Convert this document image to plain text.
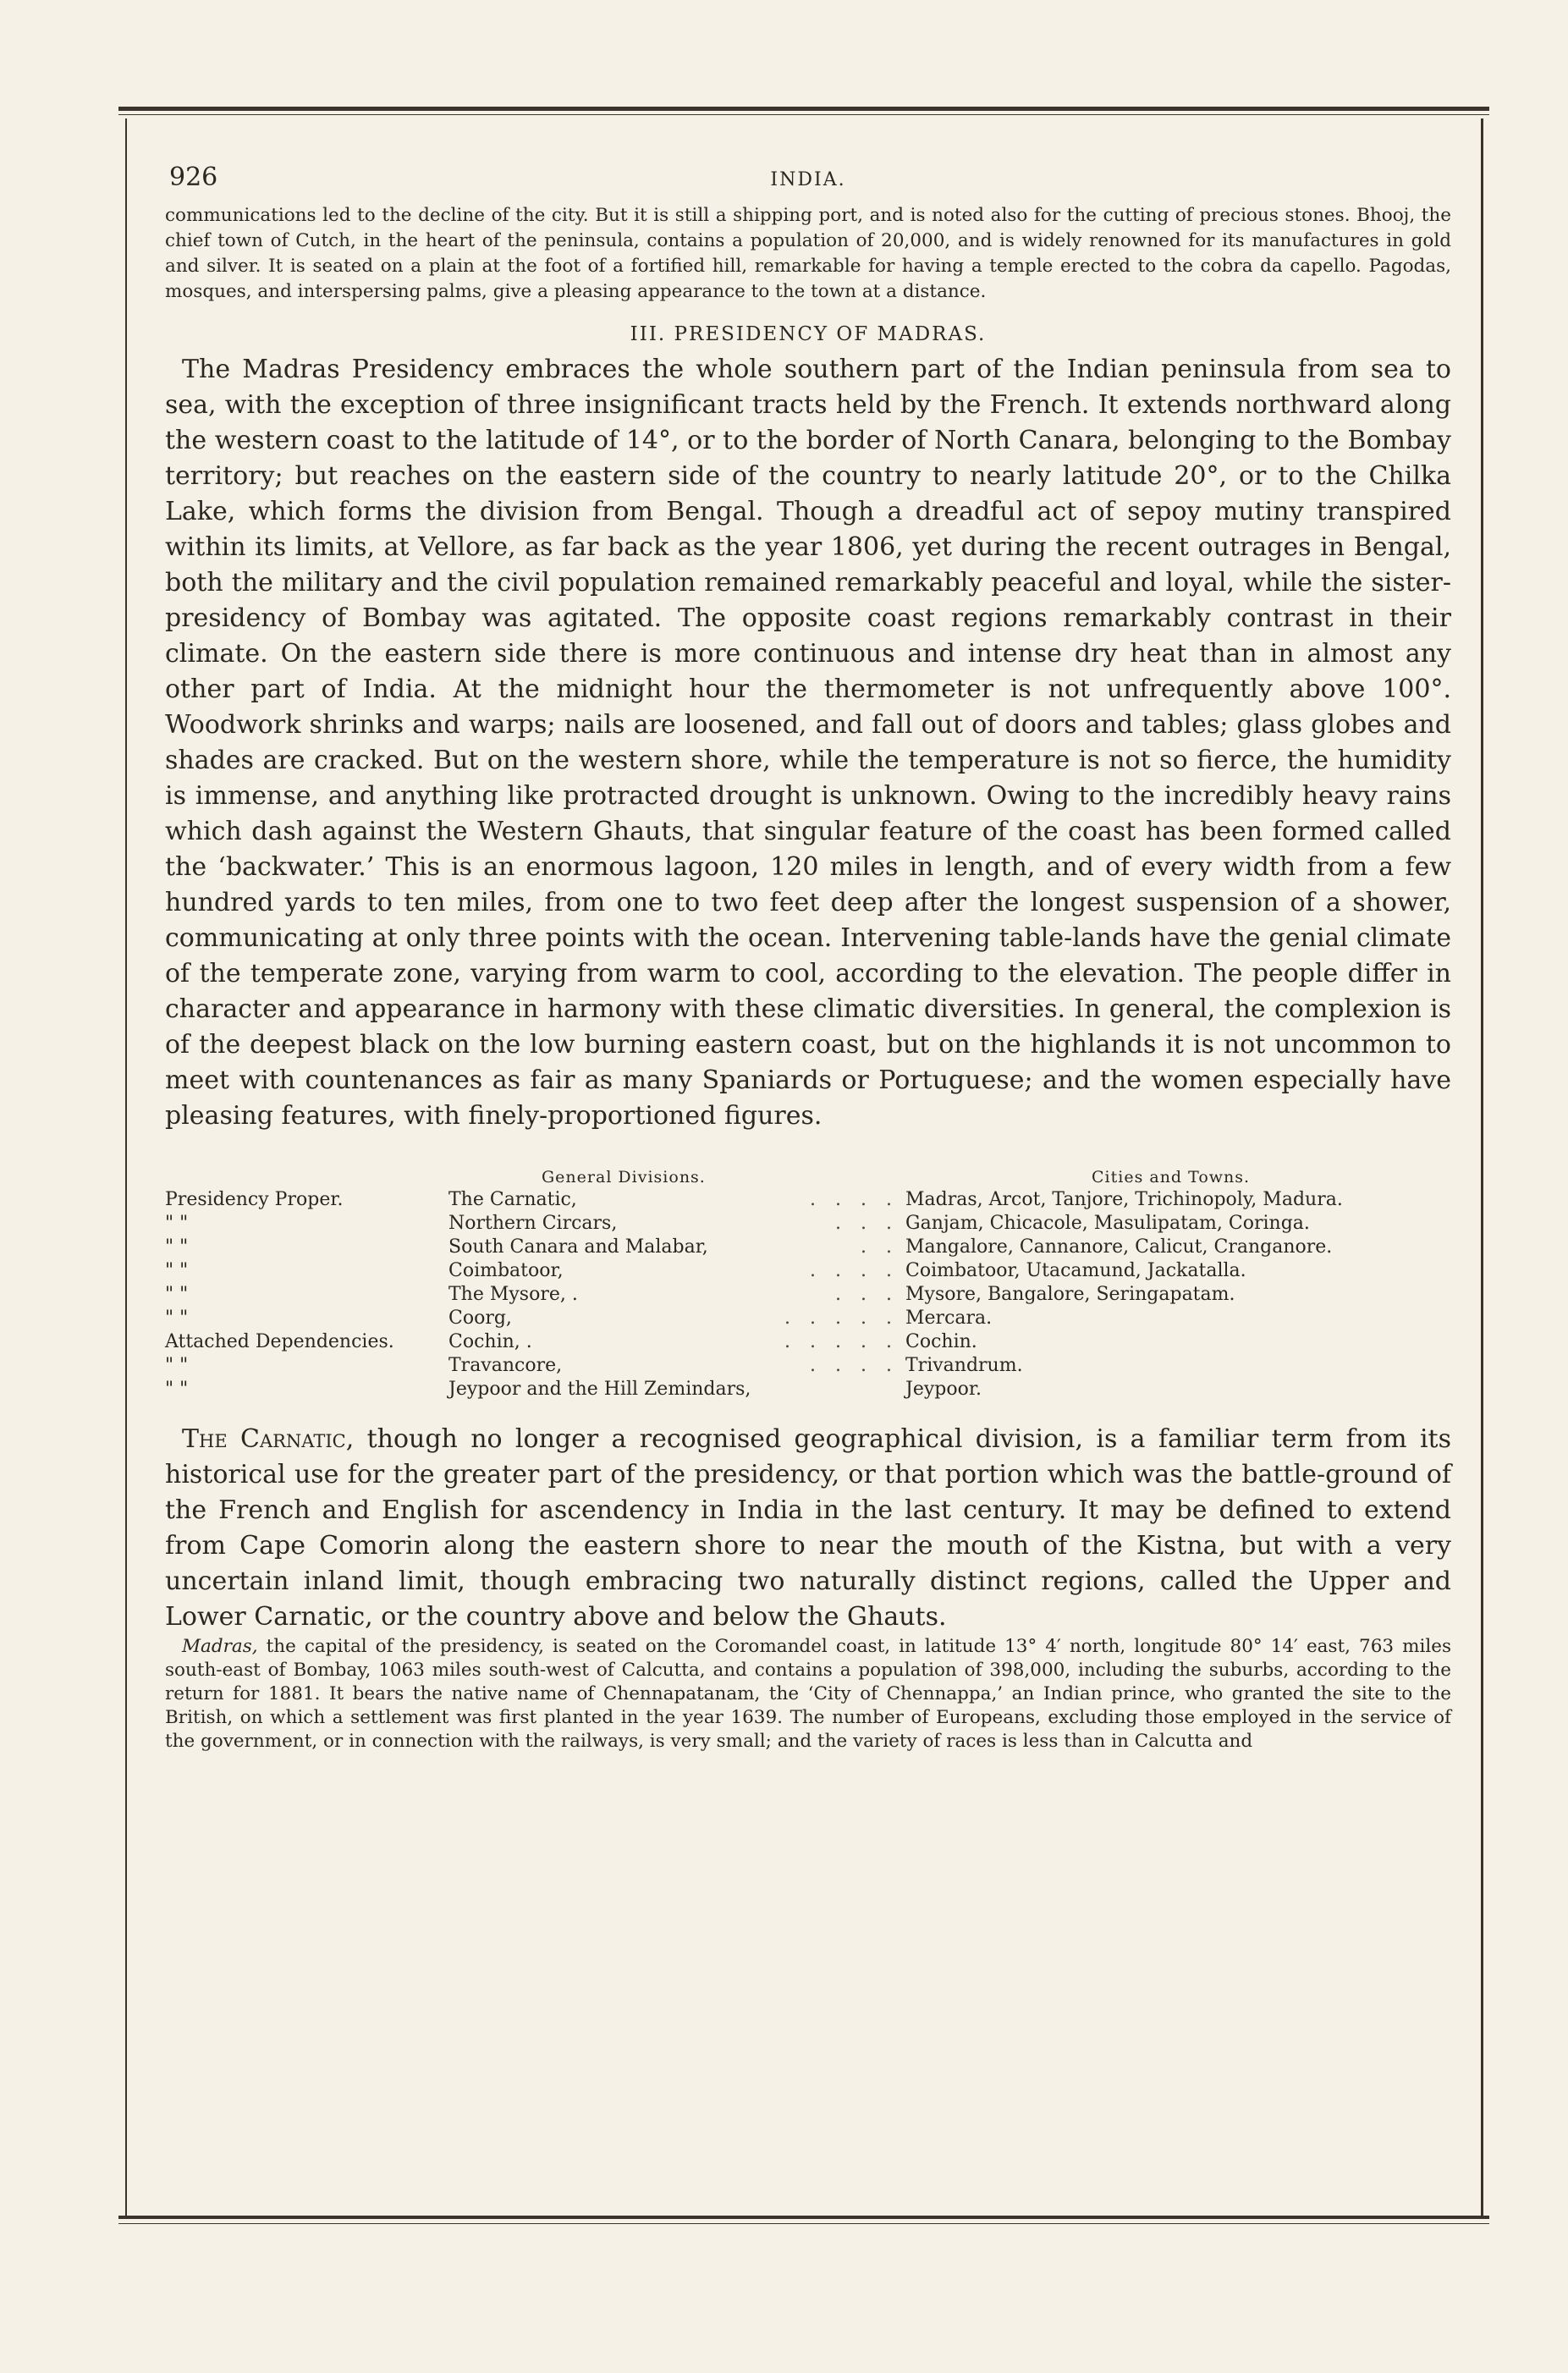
926	INDIA.

communications led to the decline of the city. But it is still a shipping port, and is noted also for the cutting of precious stones. Bhooj, the chief town of Cutch, in the heart of the peninsula, contains a population of 20,000, and is widely renowned for its manufactures in gold and silver. It is seated on a plain at the foot of a fortified hill, remarkable for having a temple erected to the cobra da capello. Pagodas, mosques, and interspersing palms, give a pleasing appearance to the town at a distance.

III. PRESIDENCY OF MADRAS.

The Madras Presidency embraces the whole southern part of the Indian peninsula from sea to sea, with the exception of three insignificant tracts held by the French. It extends northward along the western coast to the latitude of 14°, or to the border of North Canara, belonging to the Bombay territory; but reaches on the eastern side of the country to nearly latitude 20°, or to the Chilka Lake, which forms the division from Bengal. Though a dreadful act of sepoy mutiny transpired within its limits, at Vellore, as far back as the year 1806, yet during the recent outrages in Bengal, both the military and the civil population remained remarkably peaceful and loyal, while the sister-presidency of Bombay was agitated. The opposite coast regions remarkably contrast in their climate. On the eastern side there is more continuous and intense dry heat than in almost any other part of India. At the midnight hour the thermometer is not unfrequently above 100°. Woodwork shrinks and warps; nails are loosened, and fall out of doors and tables; glass globes and shades are cracked. But on the western shore, while the temperature is not so fierce, the humidity is immense, and anything like protracted drought is unknown. Owing to the incredibly heavy rains which dash against the Western Ghauts, that singular feature of the coast has been formed called the ‘backwater.’ This is an enormous lagoon, 120 miles in length, and of every width from a few hundred yards to ten miles, from one to two feet deep after the longest suspension of a shower, communicating at only three points with the ocean. Intervening table-lands have the genial climate of the temperate zone, varying from warm to cool, according to the elevation. The people differ in character and appearance in harmony with these climatic diversities. In general, the complexion is of the deepest black on the low burning eastern coast, but on the highlands it is not uncommon to meet with countenances as fair as many Spaniards or Portuguese; and the women especially have pleasing features, with finely-proportioned figures.

	General Divisions.	Cities and Towns.
Presidency Proper.	The Carnatic, . . . .	Madras, Arcot, Tanjore, Trichinopoly, Madura.
" "	Northern Circars, . . .	Ganjam, Chicacole, Masulipatam, Coringa.
" "	South Canara and Malabar, . .	Mangalore, Cannanore, Calicut, Cranganore.
" "	Coimbatoor, . . . .	Coimbatoor, Utacamund, Jackatalla.
" "	The Mysore, . . . .	Mysore, Bangalore, Seringapatam.
" "	Coorg, . . . . .	Mercara.
Attached Dependencies.	Cochin, . . . . . .	Cochin.
" "	Travancore, . . . .	Trivandrum.
" "	Jeypoor and the Hill Zemindars,	Jeypoor.

The Carnatic, though no longer a recognised geographical division, is a familiar term from its historical use for the greater part of the presidency, or that portion which was the battle-ground of the French and English for ascendency in India in the last century. It may be defined to extend from Cape Comorin along the eastern shore to near the mouth of the Kistna, but with a very uncertain inland limit, though embracing two naturally distinct regions, called the Upper and Lower Carnatic, or the country above and below the Ghauts.

Madras, the capital of the presidency, is seated on the Coromandel coast, in latitude 13° 4′ north, longitude 80° 14′ east, 763 miles south-east of Bombay, 1063 miles south-west of Calcutta, and contains a population of 398,000, including the suburbs, according to the return for 1881. It bears the native name of Chennapatanam, the ‘City of Chennappa,’ an Indian prince, who granted the site to the British, on which a settlement was first planted in the year 1639. The number of Europeans, excluding those employed in the service of the government, or in connection with the railways, is very small; and the variety of races is less than in Calcutta and
